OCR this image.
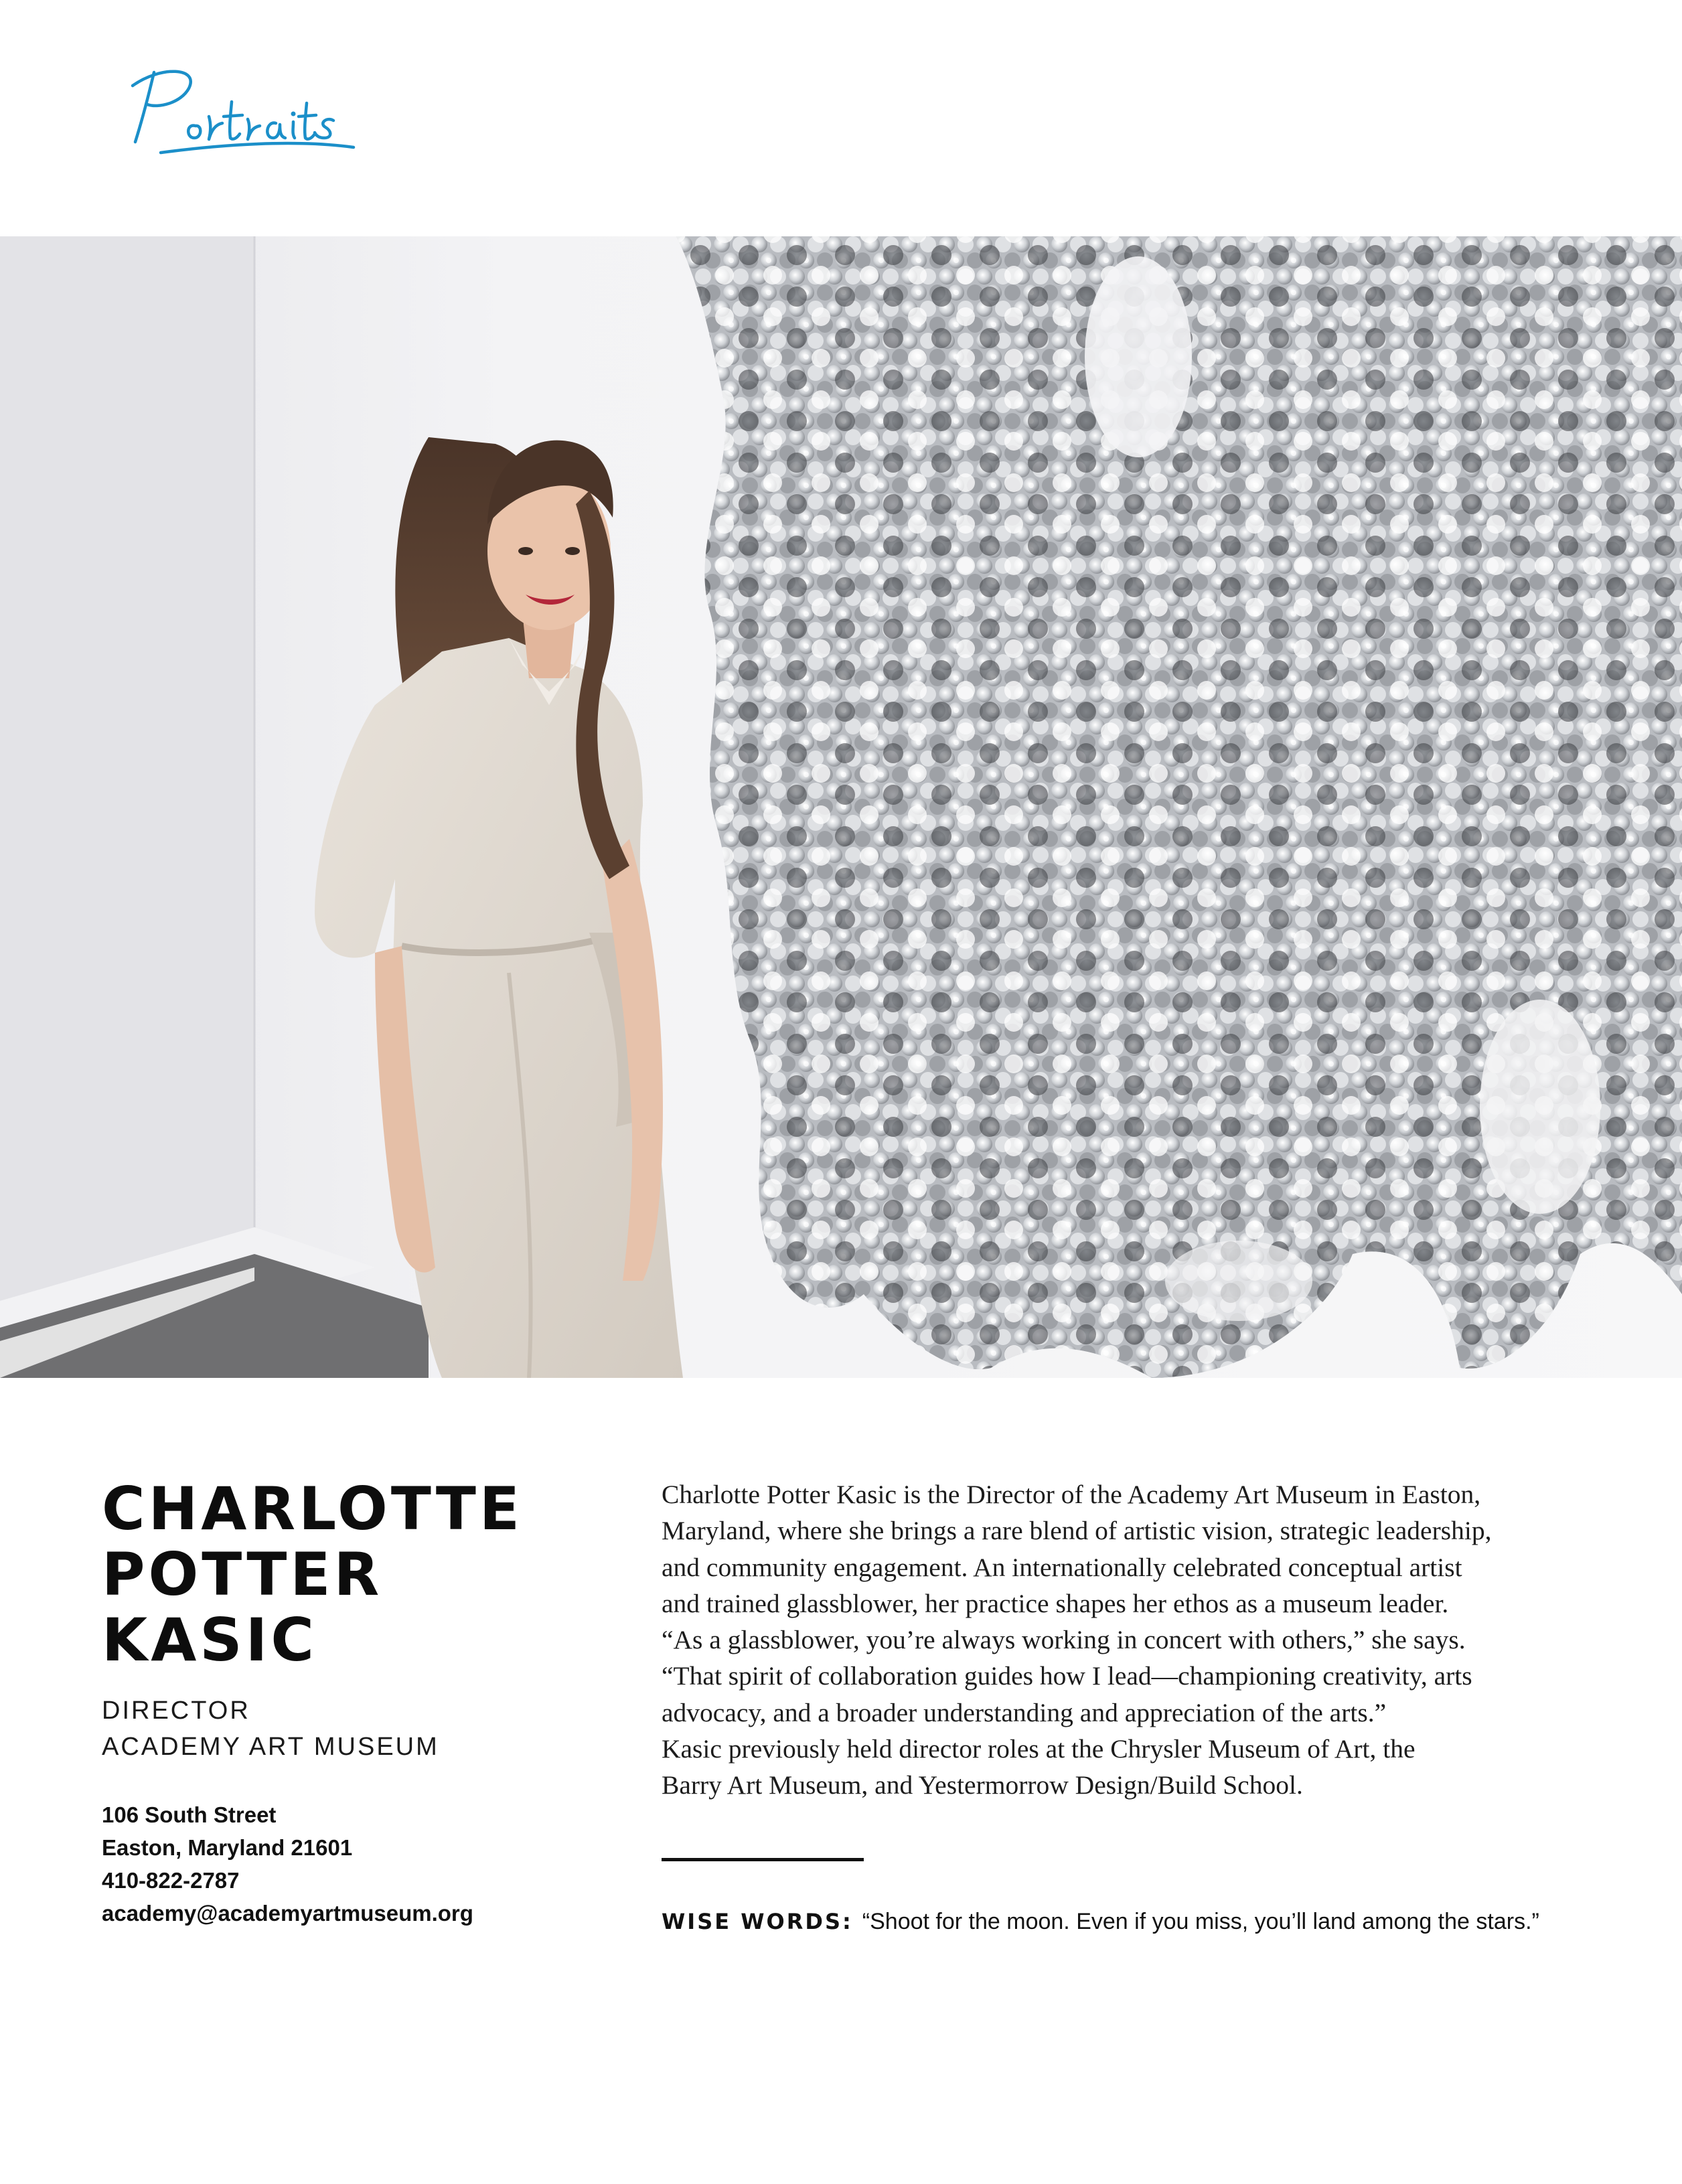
CHARLOTTE
POTTER
KASIC
DIRECTOR
ACADEMY ART MUSEUM
106 South Street
Easton, Maryland 21601
410-822-2787
academy@academyartmuseum.org

Charlotte Potter Kasic is the Director of the Academy Art Museum in Easton,
Maryland, where she brings a rare blend of artistic vision, strategic leadership,
and community engagement. An internationally celebrated conceptual artist
and trained glassblower, her practice shapes her ethos as a museum leader.
“As a glassblower, you’re always working in concert with others,” she says.
“That spirit of collaboration guides how I lead—championing creativity, arts
advocacy, and a broader understanding and appreciation of the arts.”
Kasic previously held director roles at the Chrysler Museum of Art, the
Barry Art Museum, and Yestermorrow Design/Build School.

WISE WORDS: “Shoot for the moon. Even if you miss, you’ll land among the stars.”
